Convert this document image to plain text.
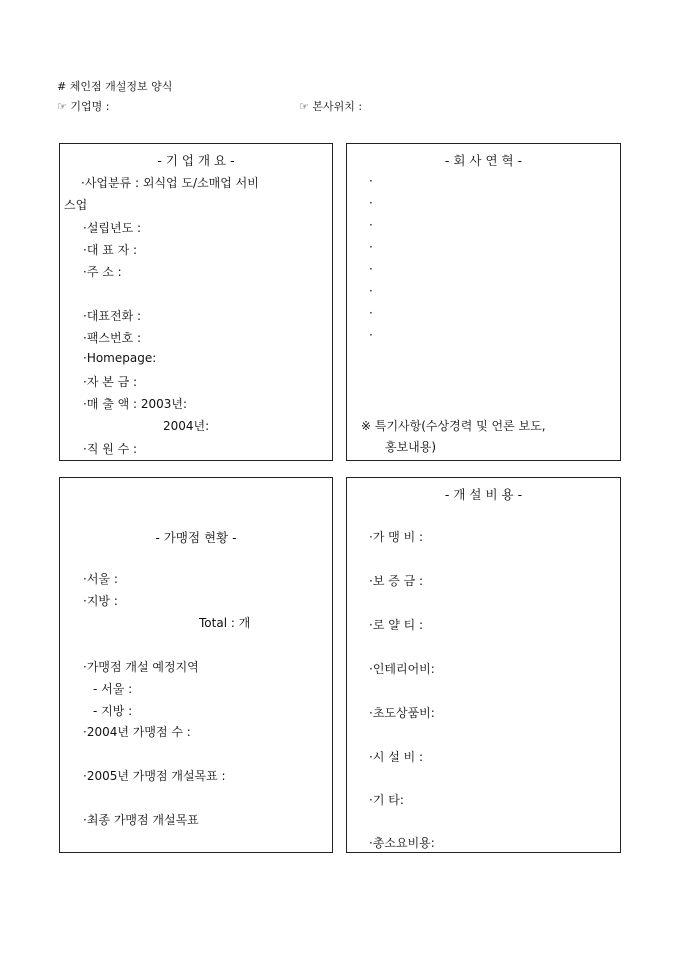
# 체인점 개설정보 양식
☞ 기업명 :	☞ 본사위치 :
- 기 업 개 요 -
·사업분류 : 외식업 도/소매업 서비
스업
·설립년도 :
·대 표 자 :
·주 소 :
·대표전화 :
·팩스번호 :
·Homepage:
·자 본 금 :
·매 출 액 : 2003년:
2004년:
·직 원 수 :
- 회 사 연 혁 -
·
·
·
·
·
·
·
·
※ 특기사항(수상경력 및 언론 보도,
홍보내용)
- 가맹점 현황 -
·서울 :
·지방 :
Total : 개
·가맹점 개설 예정지역
- 서울 :
- 지방 :
·2004년 가맹점 수 :
·2005년 가맹점 개설목표 :
·최종 가맹점 개설목표
- 개 설 비 용 -
·가 맹 비 :
·보 증 금 :
·로 얄 티 :
·인테리어비:
·초도상품비:
·시 설 비 :
·기 타:
·총소요비용:
